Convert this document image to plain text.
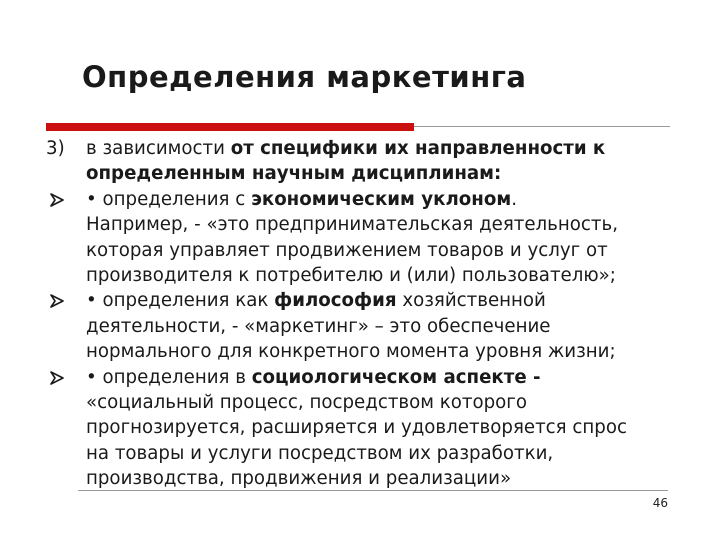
Определения маркетинга
3)	в зависимости от специфики их направленности к
определенным научным дисциплинам:
• определения с экономическим уклоном.
Например, - «это предпринимательская деятельность,
которая управляет продвижением товаров и услуг от
производителя к потребителю и (или) пользователю»;
• определения как философия хозяйственной
деятельности, - «маркетинг» – это обеспечение
нормального для конкретного момента уровня жизни;
• определения в социологическом аспекте -
«социальный процесс, посредством которого
прогнозируется, расширяется и удовлетворяется спрос
на товары и услуги посредством их разработки,
производства, продвижения и реализации»
46
